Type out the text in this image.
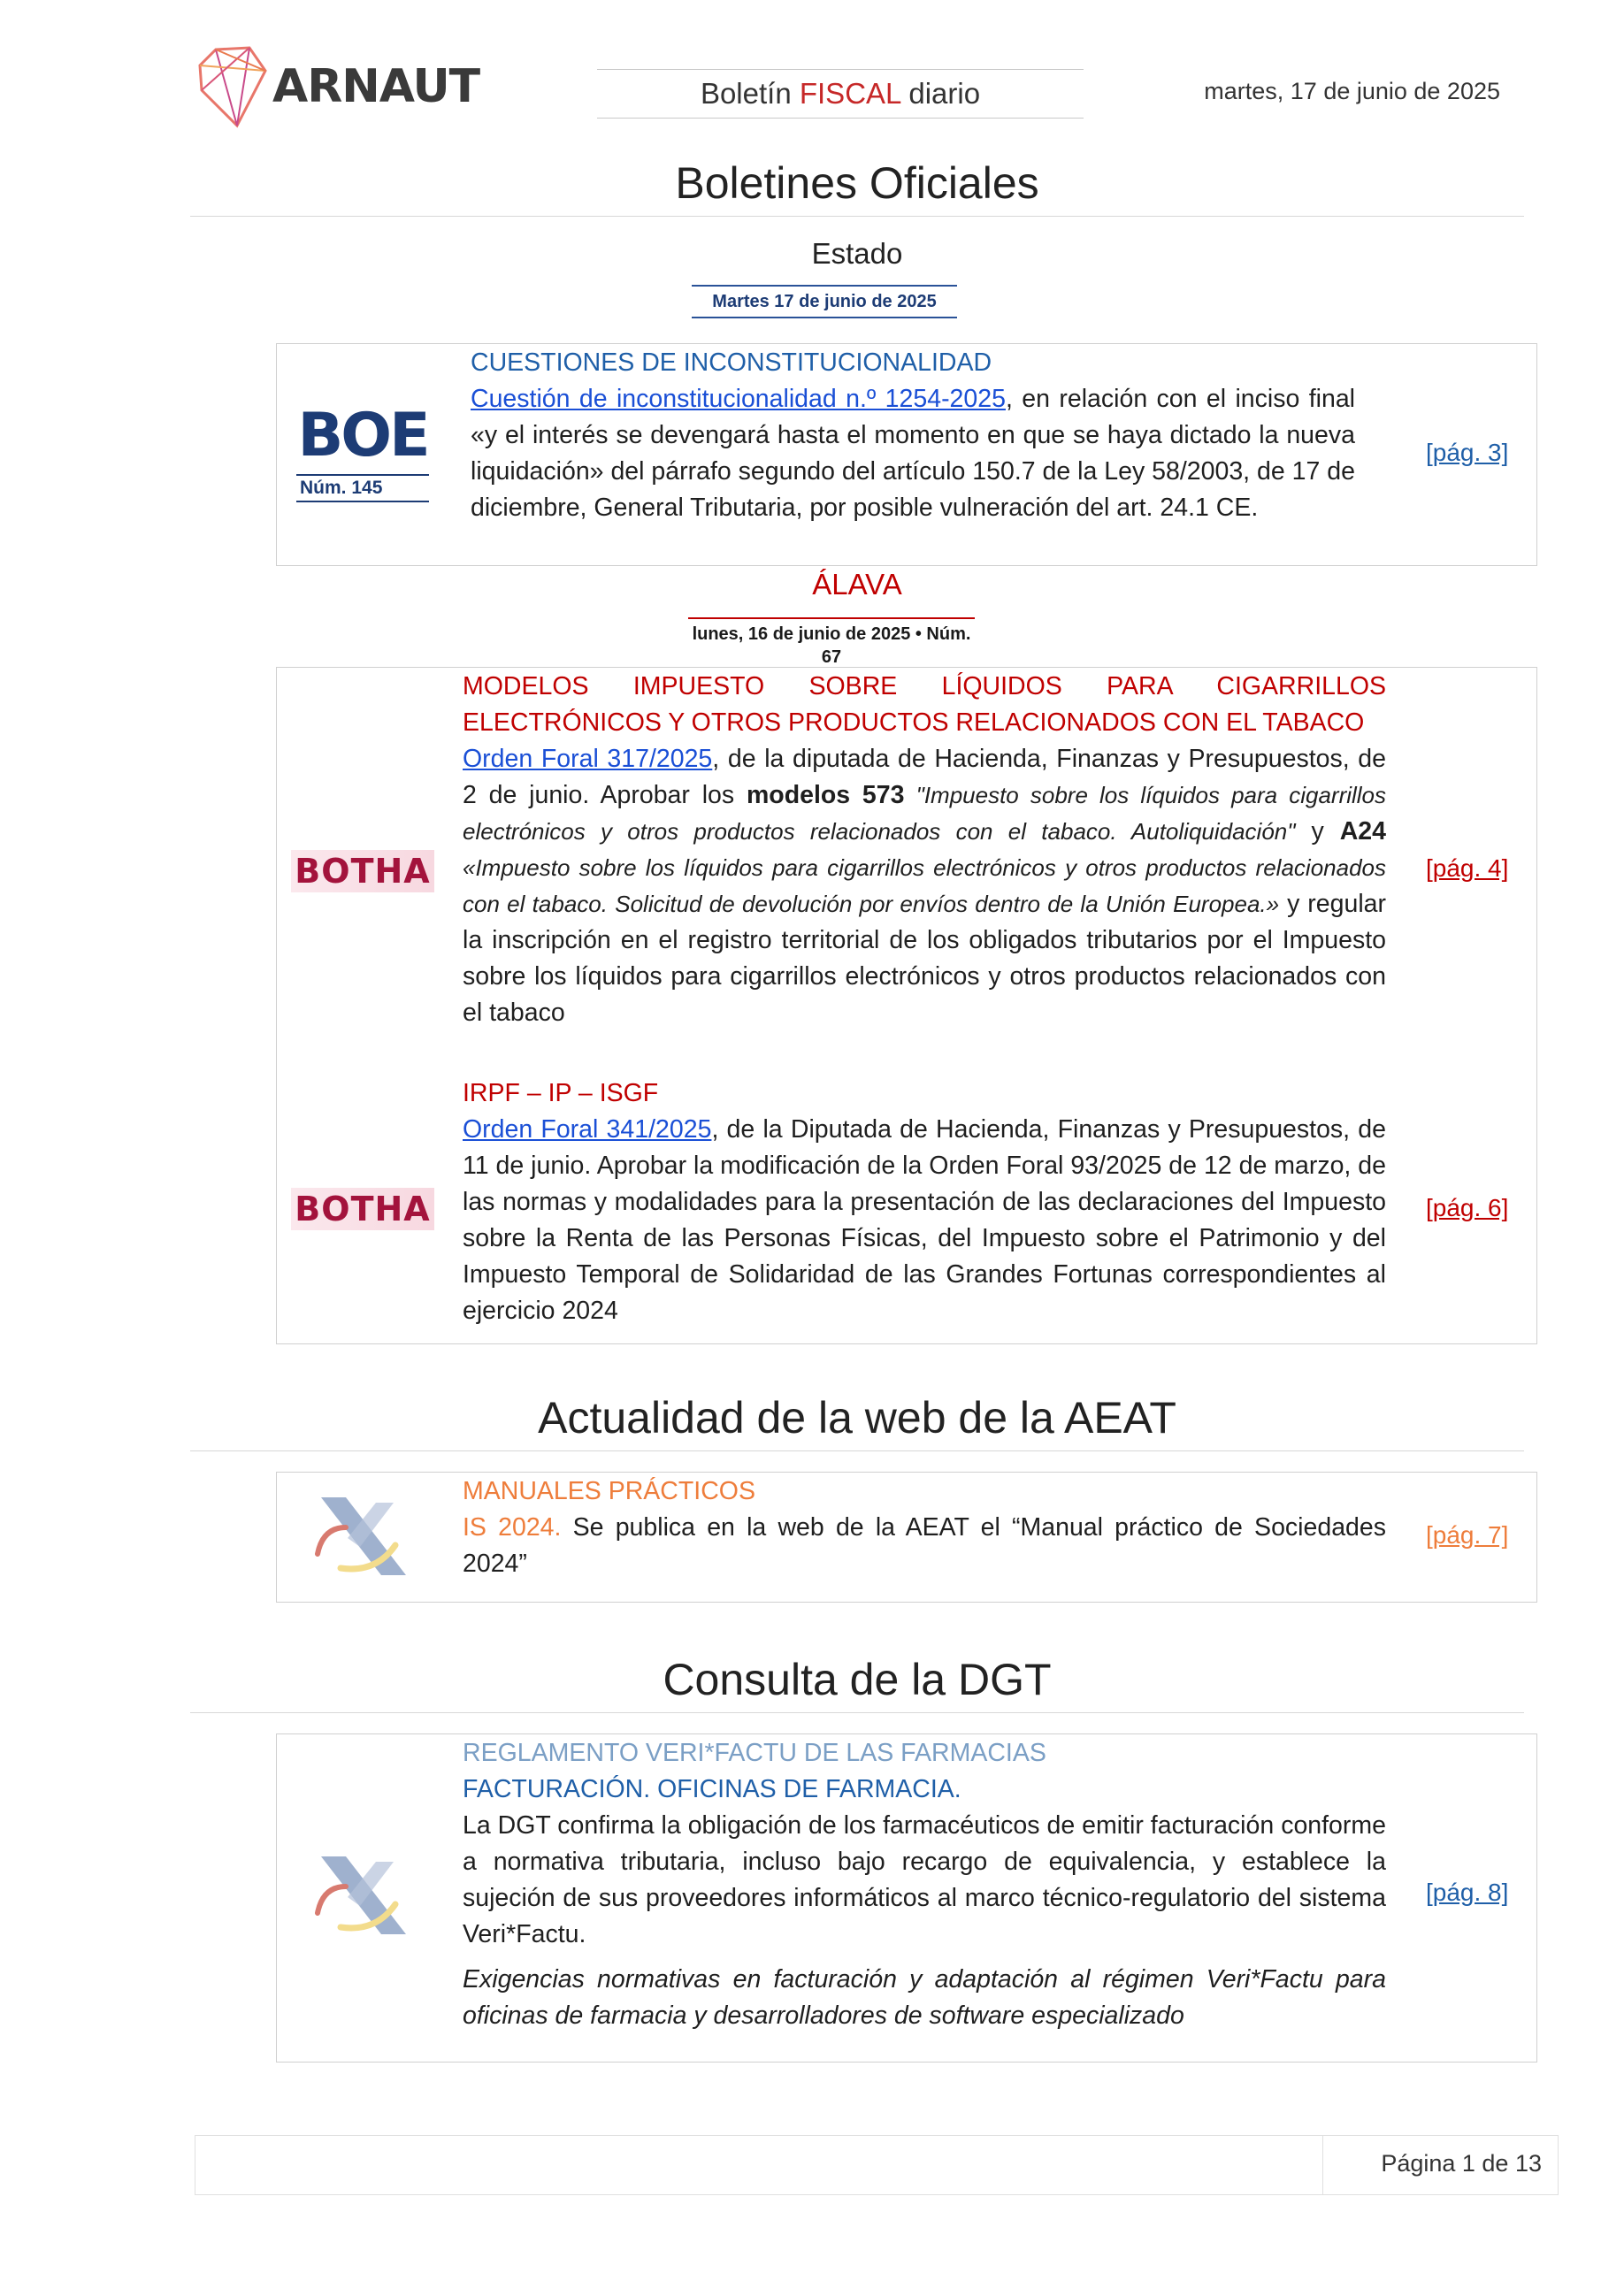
ARNAUT	Boletín FISCAL diario	martes, 17 de junio de 2025
Boletines Oficiales
Estado
Martes 17 de junio de 2025
BOE
Núm. 145
CUESTIONES DE INCONSTITUCIONALIDAD
Cuestión de inconstitucionalidad n.º 1254-2025, en relación con el inciso final «y el interés se devengará hasta el momento en que se haya dictado la nueva liquidación» del párrafo segundo del artículo 150.7 de la Ley 58/2003, de 17 de diciembre, General Tributaria, por posible vulneración del art. 24.1 CE.
[pág. 3]
ÁLAVA
lunes, 16 de junio de 2025 • Núm. 67
BOTHA
MODELOS IMPUESTO SOBRE LÍQUIDOS PARA CIGARRILLOS ELECTRÓNICOS Y OTROS PRODUCTOS RELACIONADOS CON EL TABACO
Orden Foral 317/2025, de la diputada de Hacienda, Finanzas y Presupuestos, de 2 de junio. Aprobar los modelos 573 "Impuesto sobre los líquidos para cigarrillos electrónicos y otros productos relacionados con el tabaco. Autoliquidación" y A24 «Impuesto sobre los líquidos para cigarrillos electrónicos y otros productos relacionados con el tabaco. Solicitud de devolución por envíos dentro de la Unión Europea.» y regular la inscripción en el registro territorial de los obligados tributarios por el Impuesto sobre los líquidos para cigarrillos electrónicos y otros productos relacionados con el tabaco
[pág. 4]
BOTHA
IRPF – IP – ISGF
Orden Foral 341/2025, de la Diputada de Hacienda, Finanzas y Presupuestos, de 11 de junio. Aprobar la modificación de la Orden Foral 93/2025 de 12 de marzo, de las normas y modalidades para la presentación de las declaraciones del Impuesto sobre la Renta de las Personas Físicas, del Impuesto sobre el Patrimonio y del Impuesto Temporal de Solidaridad de las Grandes Fortunas correspondientes al ejercicio 2024
[pág. 6]
Actualidad de la web de la AEAT
MANUALES PRÁCTICOS
IS 2024. Se publica en la web de la AEAT el “Manual práctico de Sociedades 2024”
[pág. 7]
Consulta de la DGT
REGLAMENTO VERI*FACTU DE LAS FARMACIAS
FACTURACIÓN. OFICINAS DE FARMACIA.
La DGT confirma la obligación de los farmacéuticos de emitir facturación conforme a normativa tributaria, incluso bajo recargo de equivalencia, y establece la sujeción de sus proveedores informáticos al marco técnico-regulatorio del sistema Veri*Factu.
Exigencias normativas en facturación y adaptación al régimen Veri*Factu para oficinas de farmacia y desarrolladores de software especializado
[pág. 8]
Página 1 de 13
